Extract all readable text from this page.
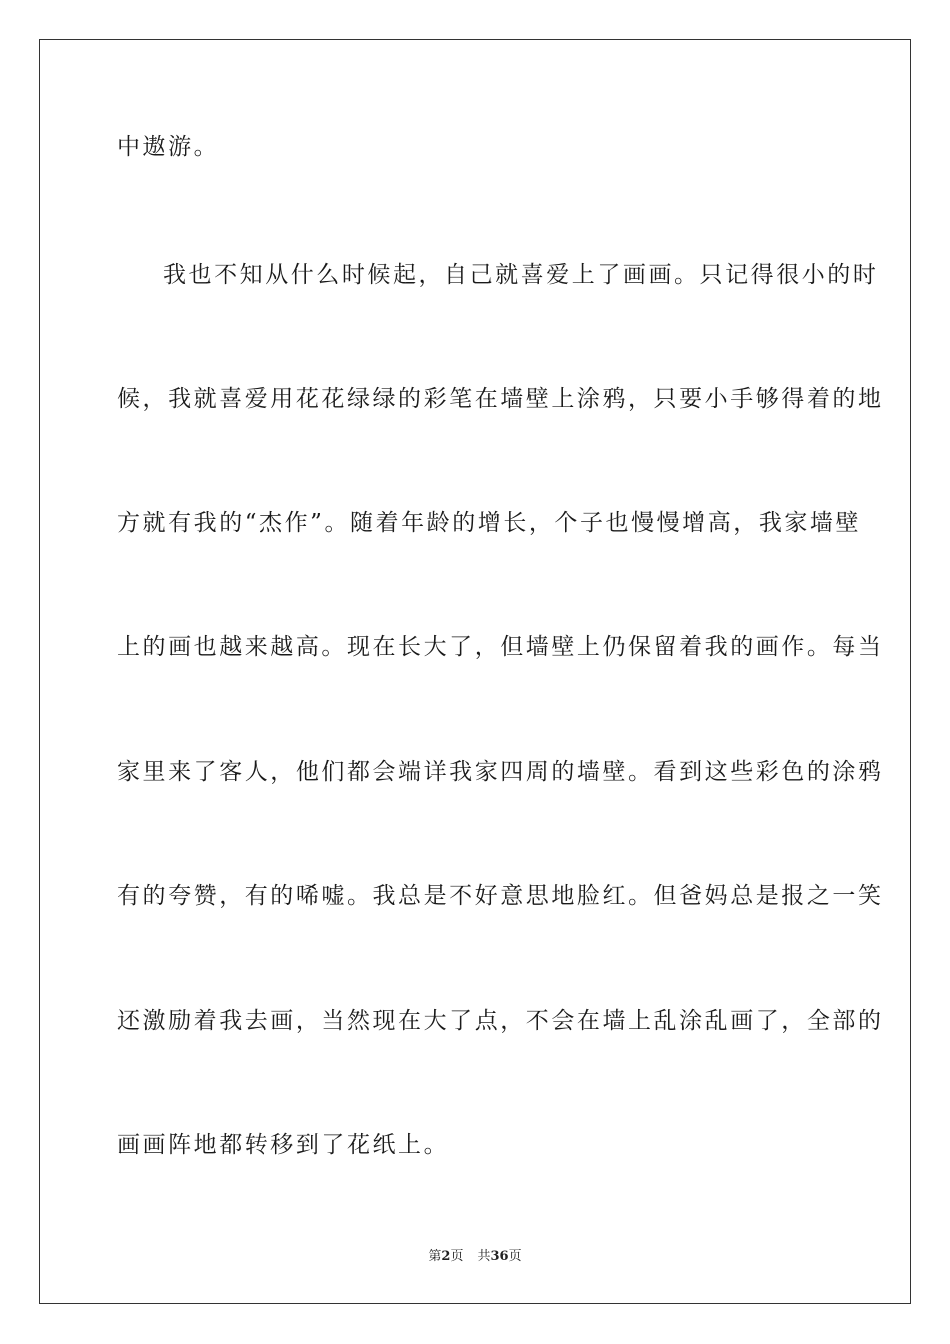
中遨游。
我也不知从什么时候起，自己就喜爱上了画画。只记得很小的时
候，我就喜爱用花花绿绿的彩笔在墙壁上涂鸦，只要小手够得着的地
方就有我的“杰作”。随着年龄的增长，个子也慢慢增高，我家墙壁
上的画也越来越高。现在长大了，但墙壁上仍保留着我的画作。每当
家里来了客人，他们都会端详我家四周的墙壁。看到这些彩色的涂鸦
有的夸赞，有的唏嘘。我总是不好意思地脸红。但爸妈总是报之一笑
还激励着我去画，当然现在大了点，不会在墙上乱涂乱画了，全部的
画画阵地都转移到了花纸上。
第2页 共36页
